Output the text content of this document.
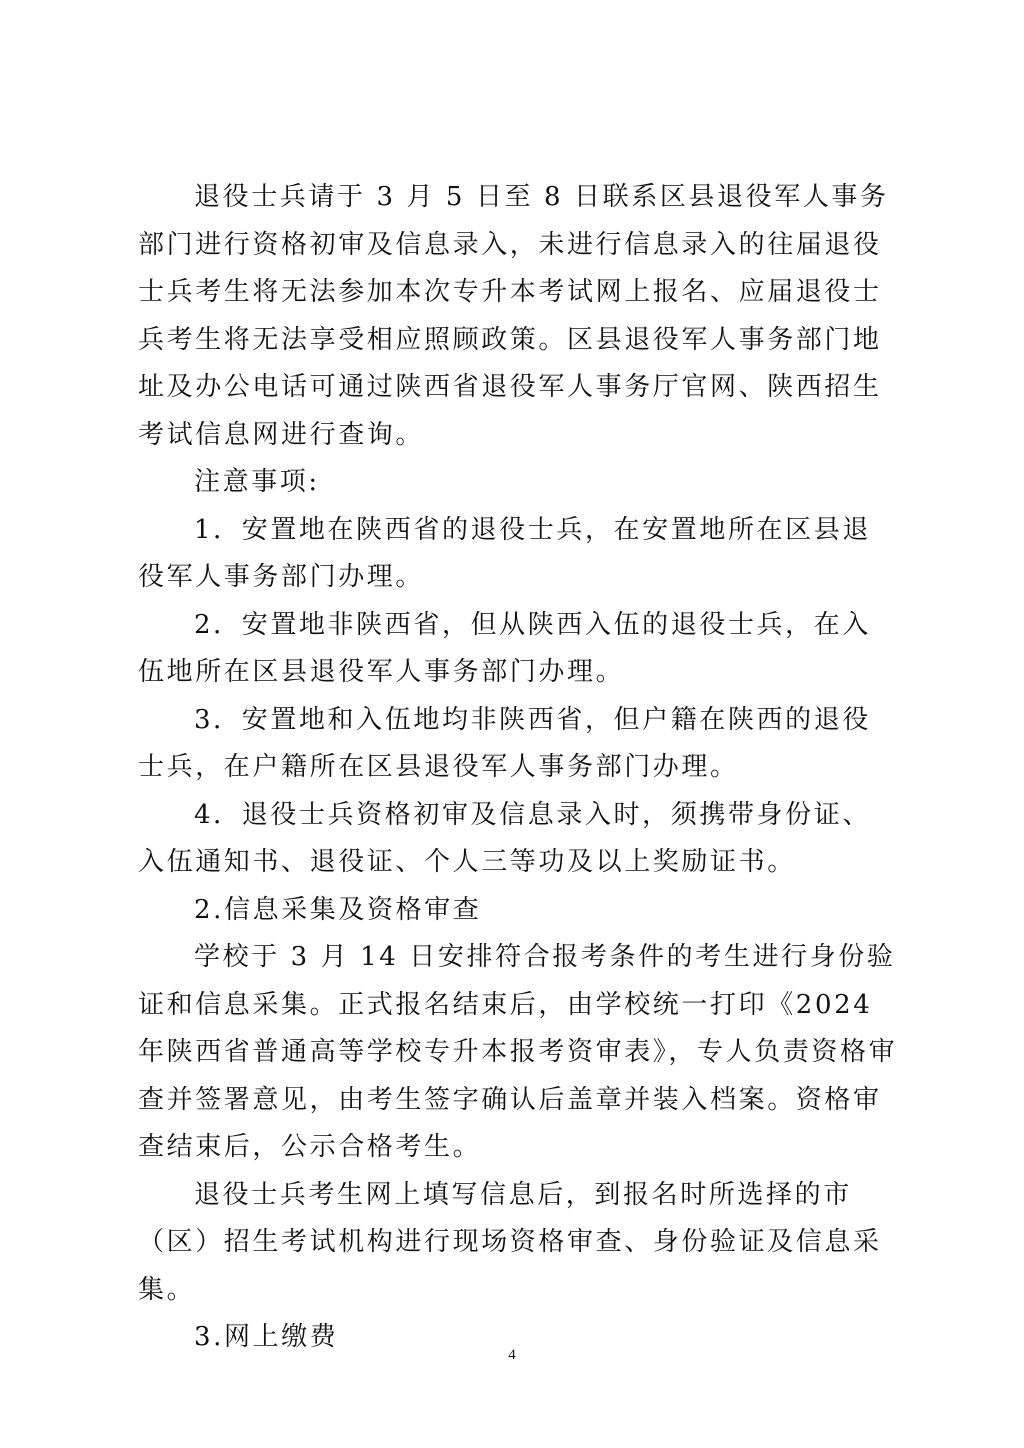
退役士兵请于 3 月 5 日至 8 日联系区县退役军人事务部门进行资格初审及信息录入，未进行信息录入的往届退役士兵考生将无法参加本次专升本考试网上报名、应届退役士兵考生将无法享受相应照顾政策。区县退役军人事务部门地址及办公电话可通过陕西省退役军人事务厅官网、陕西招生考试信息网进行查询。

注意事项:

1．安置地在陕西省的退役士兵，在安置地所在区县退役军人事务部门办理。

2．安置地非陕西省，但从陕西入伍的退役士兵，在入伍地所在区县退役军人事务部门办理。

3．安置地和入伍地均非陕西省，但户籍在陕西的退役士兵，在户籍所在区县退役军人事务部门办理。

4．退役士兵资格初审及信息录入时，须携带身份证、入伍通知书、退役证、个人三等功及以上奖励证书。

2.信息采集及资格审查

学校于 3 月 14 日安排符合报考条件的考生进行身份验证和信息采集。正式报名结束后，由学校统一打印《2024 年陕西省普通高等学校专升本报考资审表》，专人负责资格审查并签署意见，由考生签字确认后盖章并装入档案。资格审查结束后，公示合格考生。

退役士兵考生网上填写信息后，到报名时所选择的市（区）招生考试机构进行现场资格审查、身份验证及信息采集。

3.网上缴费

4
